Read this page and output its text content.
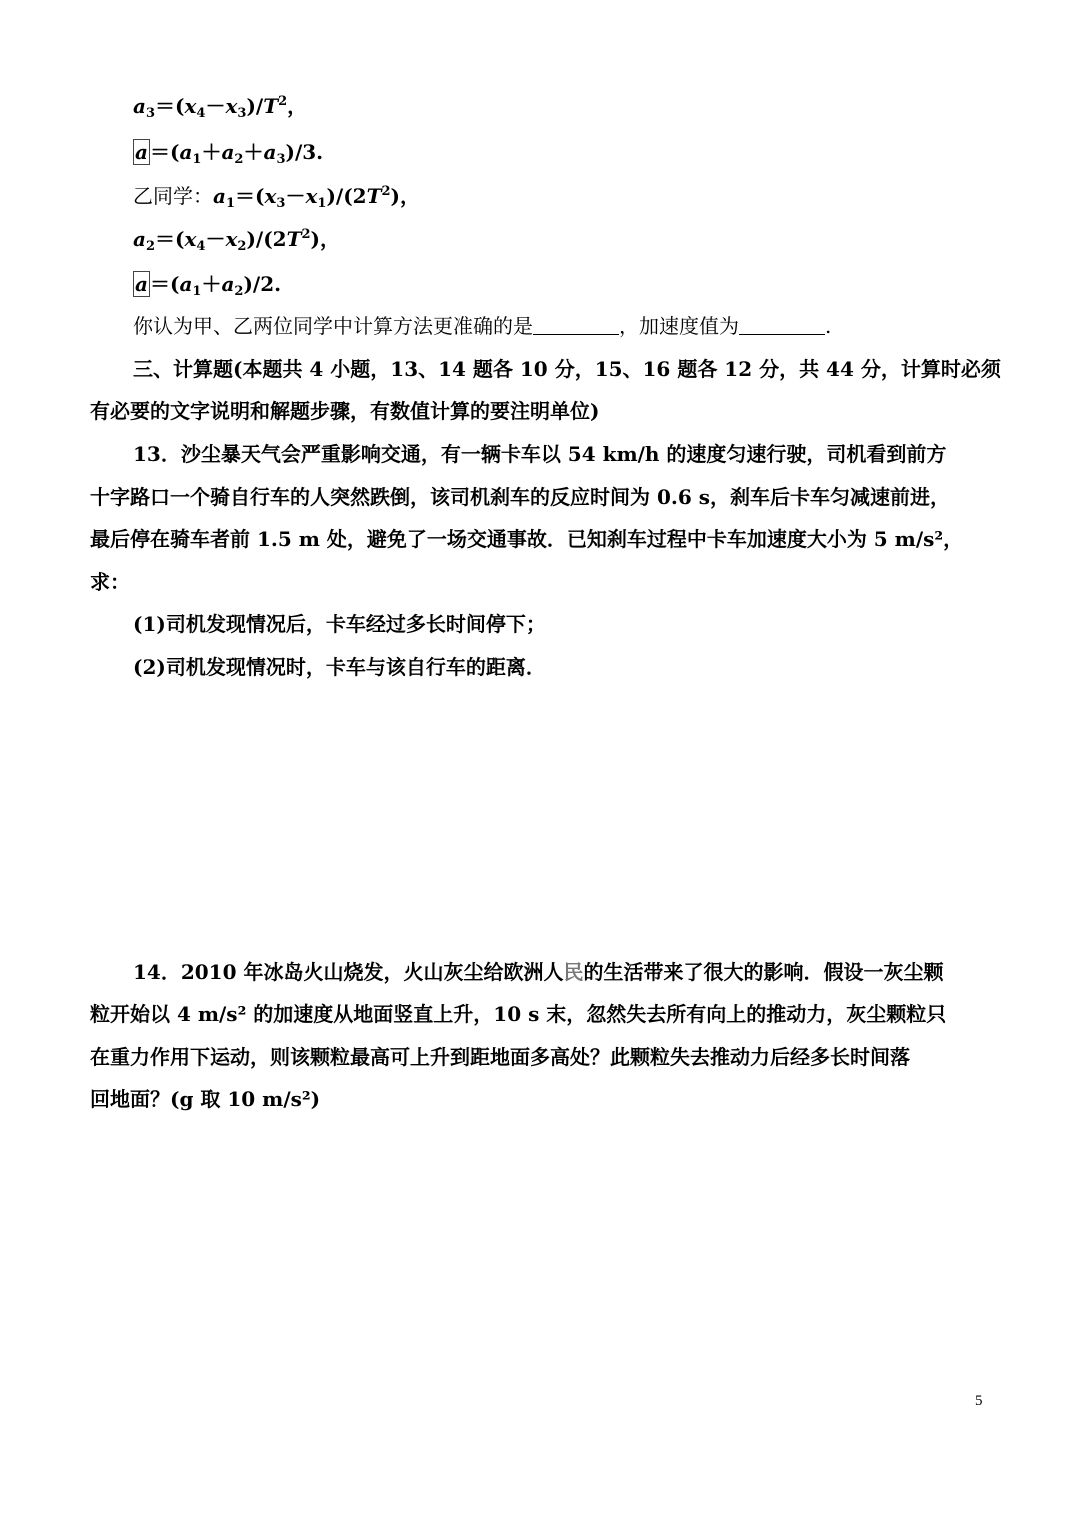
$a_3=(x_4-x_3)/T^2$，
$a =(a_1+a_2+a_3)/3$.
乙同学：$a_1=(x_3-x_1)/(2T^2)$，
$a_2=(x_4-x_2)/(2T^2)$，
$a =(a_1+a_2)/2$.
你认为甲、乙两位同学中计算方法更准确的是	，加速度值为	.
三、计算题(本题共 4 小题，13、14 题各 10 分，15、16 题各 12 分，共 44 分，计算时必须
有必要的文字说明和解题步骤，有数值计算的要注明单位)
13．沙尘暴天气会严重影响交通，有一辆卡车以 54 km/h 的速度匀速行驶，司机看到前方
十字路口一个骑自行车的人突然跌倒，该司机刹车的反应时间为 0.6 s，刹车后卡车匀减速前进，
最后停在骑车者前 1.5 m 处，避免了一场交通事故．已知刹车过程中卡车加速度大小为 5 m/s²，
求：
(1)司机发现情况后，卡车经过多长时间停下；
(2)司机发现情况时，卡车与该自行车的距离．
14．2010 年冰岛火山烧发，火山灰尘给欧洲人民的生活带来了很大的影响．假设一灰尘颗
粒开始以 4 m/s² 的加速度从地面竖直上升，10 s 末，忽然失去所有向上的推动力，灰尘颗粒只
在重力作用下运动，则该颗粒最高可上升到距地面多高处？此颗粒失去推动力后经多长时间落
回地面？(g 取 10 m/s²)
5
